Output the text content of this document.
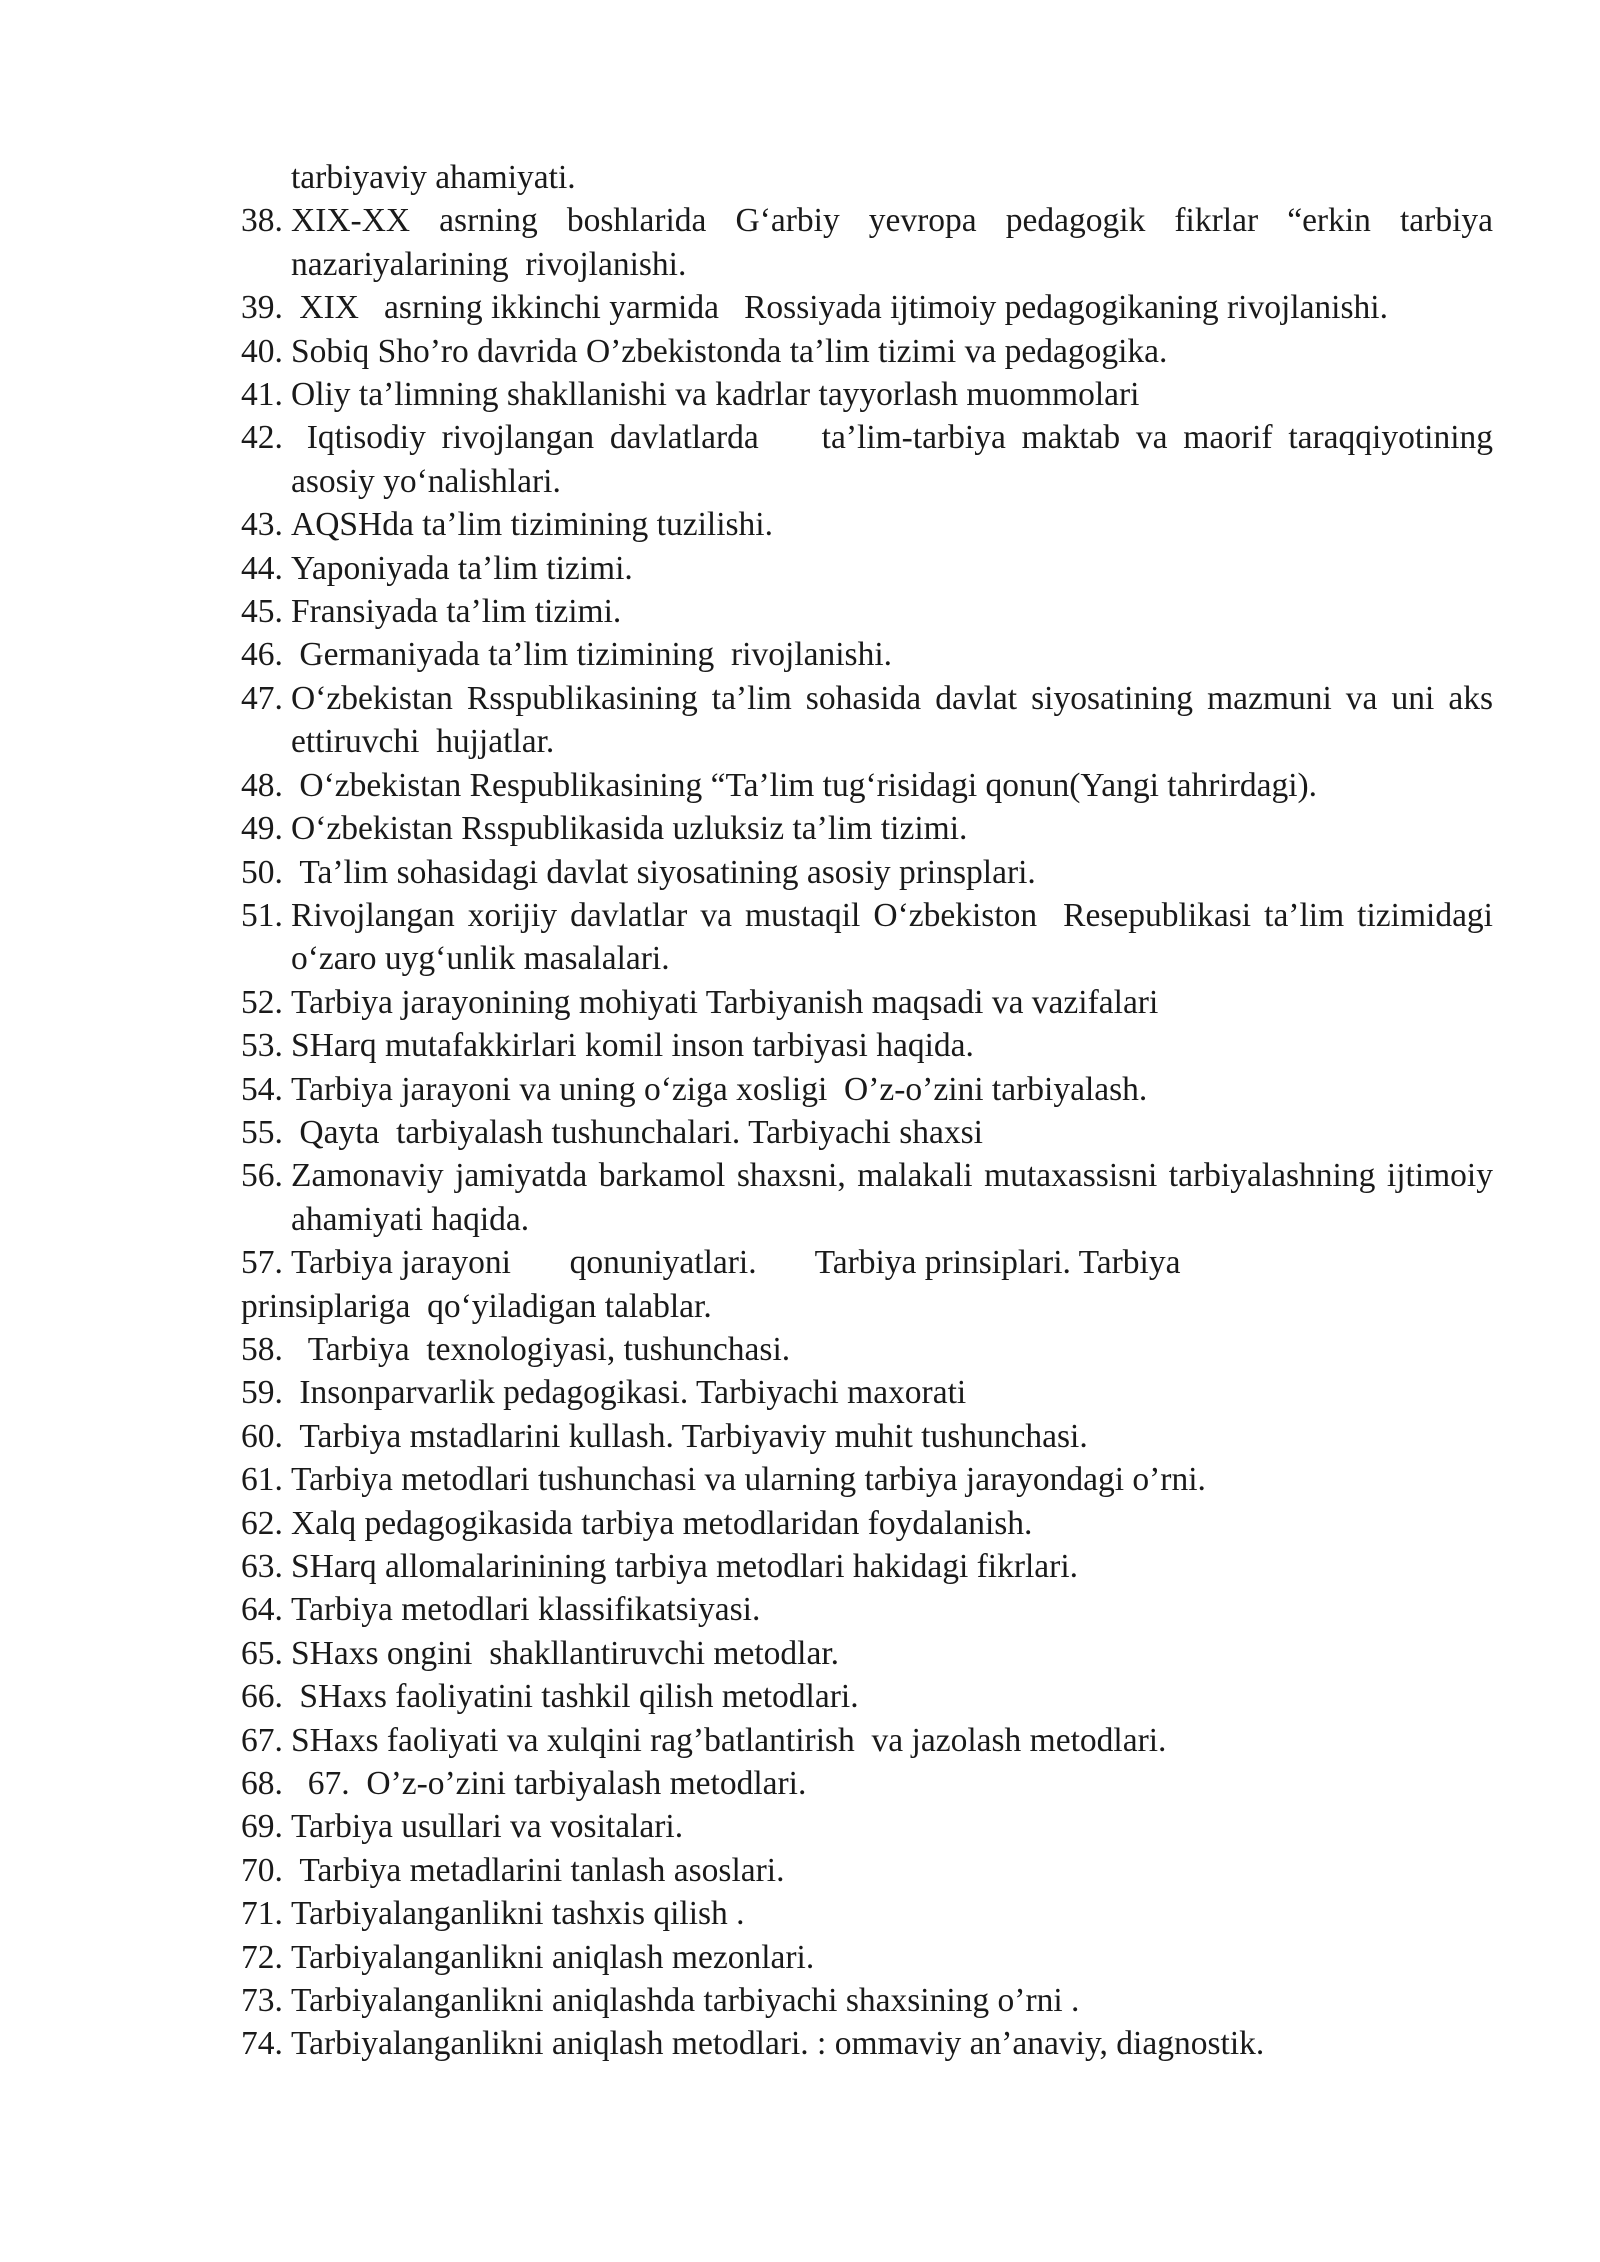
tarbiyaviy ahamiyati.
38. XIX-XX asrning boshlarida G‘arbiy yevropa pedagogik fikrlar “erkin tarbiya nazariyalarining  rivojlanishi.
39. XIX   asrning ikkinchi yarmida   Rossiyada ijtimoiy pedagogikaning rivojlanishi.
40. Sobiq Sho’ro davrida O’zbekistonda ta’lim tizimi va pedagogika.
41. Oliy ta’limning shakllanishi va kadrlar tayyorlash muommolari
42. Iqtisodiy rivojlangan davlatlarda    ta’lim-tarbiya maktab va maorif taraqqiyotining asosiy yo‘nalishlari.
43. AQSHda ta’lim tizimining tuzilishi.
44. Yaponiyada ta’lim tizimi.
45. Fransiyada ta’lim tizimi.
46. Germaniyada ta’lim tizimining  rivojlanishi.
47. O‘zbekistan Rsspublikasining ta’lim sohasida davlat siyosatining mazmuni va uni aks ettiruvchi  hujjatlar.
48. O‘zbekistan Respublikasining “Ta’lim tug‘risidagi qonun(Yangi tahrirdagi).
49. O‘zbekistan Rsspublikasida uzluksiz ta’lim tizimi.
50. Ta’lim sohasidagi davlat siyosatining asosiy prinsplari.
51. Rivojlangan xorijiy davlatlar va mustaqil O‘zbekiston  Resepublikasi ta’lim tizimidagi o‘zaro uyg‘unlik masalalari.
52. Tarbiya jarayonining mohiyati Tarbiyanish maqsadi va vazifalari
53. SHarq mutafakkirlari komil inson tarbiyasi haqida.
54. Tarbiya jarayoni va uning o‘ziga xosligi  O’z-o’zini tarbiyalash.
55. Qayta  tarbiyalash tushunchalari. Tarbiyachi shaxsi
56. Zamonaviy jamiyatda barkamol shaxsni, malakali mutaxassisni tarbiyalashning ijtimoiy ahamiyati haqida.
57. Tarbiya jarayoni       qonuniyatlari.       Tarbiya prinsiplari. Tarbiya
prinsiplariga  qo‘yiladigan talablar.
58. Tarbiya  texnologiyasi, tushunchasi.
59. Insonparvarlik pedagogikasi. Tarbiyachi maxorati
60. Tarbiya mstadlarini kullash. Tarbiyaviy muhit tushunchasi.
61. Tarbiya metodlari tushunchasi va ularning tarbiya jarayondagi o’rni.
62. Xalq pedagogikasida tarbiya metodlaridan foydalanish.
63. SHarq allomalarinining tarbiya metodlari hakidagi fikrlari.
64. Tarbiya metodlari klassifikatsiyasi.
65. SHaxs ongini  shakllantiruvchi metodlar.
66. SHaxs faoliyatini tashkil qilish metodlari.
67. SHaxs faoliyati va xulqini rag’batlantirish  va jazolash metodlari.
68. 67.  O’z-o’zini tarbiyalash metodlari.
69. Tarbiya usullari va vositalari.
70. Tarbiya metadlarini tanlash asoslari.
71. Tarbiyalanganlikni tashxis qilish .
72. Tarbiyalanganlikni aniqlash mezonlari.
73. Tarbiyalanganlikni aniqlashda tarbiyachi shaxsining o’rni .
74. Tarbiyalanganlikni aniqlash metodlari. : ommaviy an’anaviy, diagnostik.
